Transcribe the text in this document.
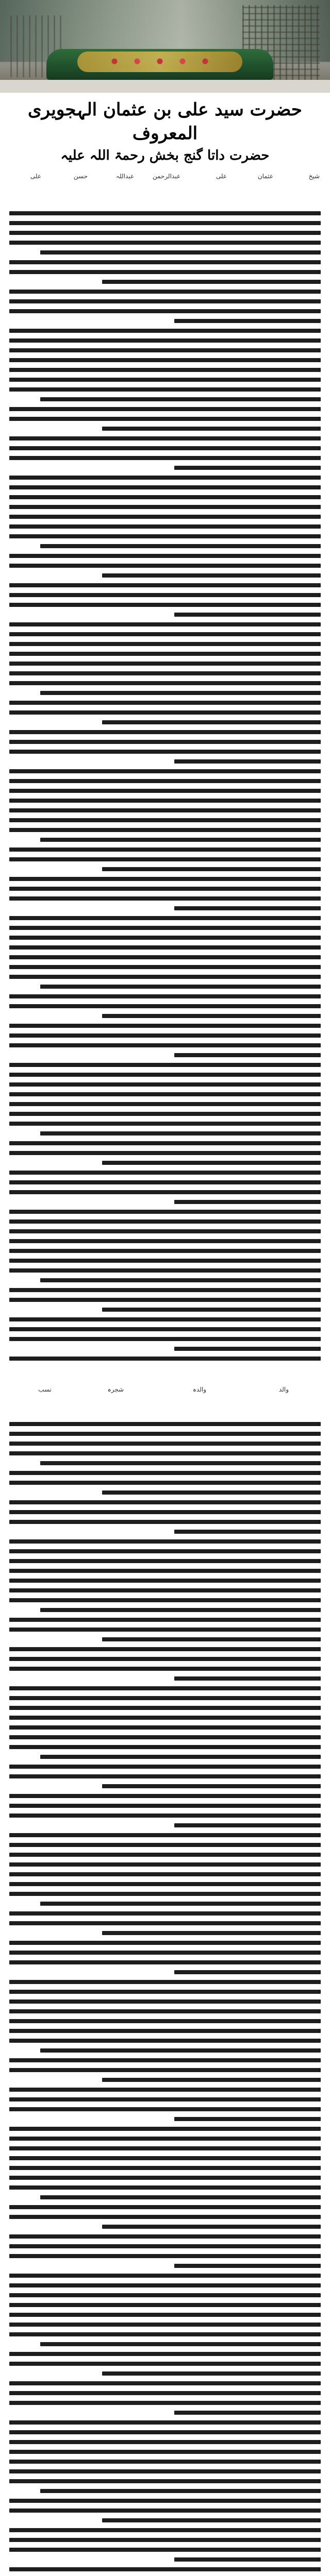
حضرت سید علی بن عثمان الہجویری
المعروف
حضرت داتا گنج بخش رحمۃ اللہ علیہ
شیخ
عثمان
علی
عبدالرحمن
عبداللہ
حسن
علی
والد
والدہ
شجرہ
نسب
